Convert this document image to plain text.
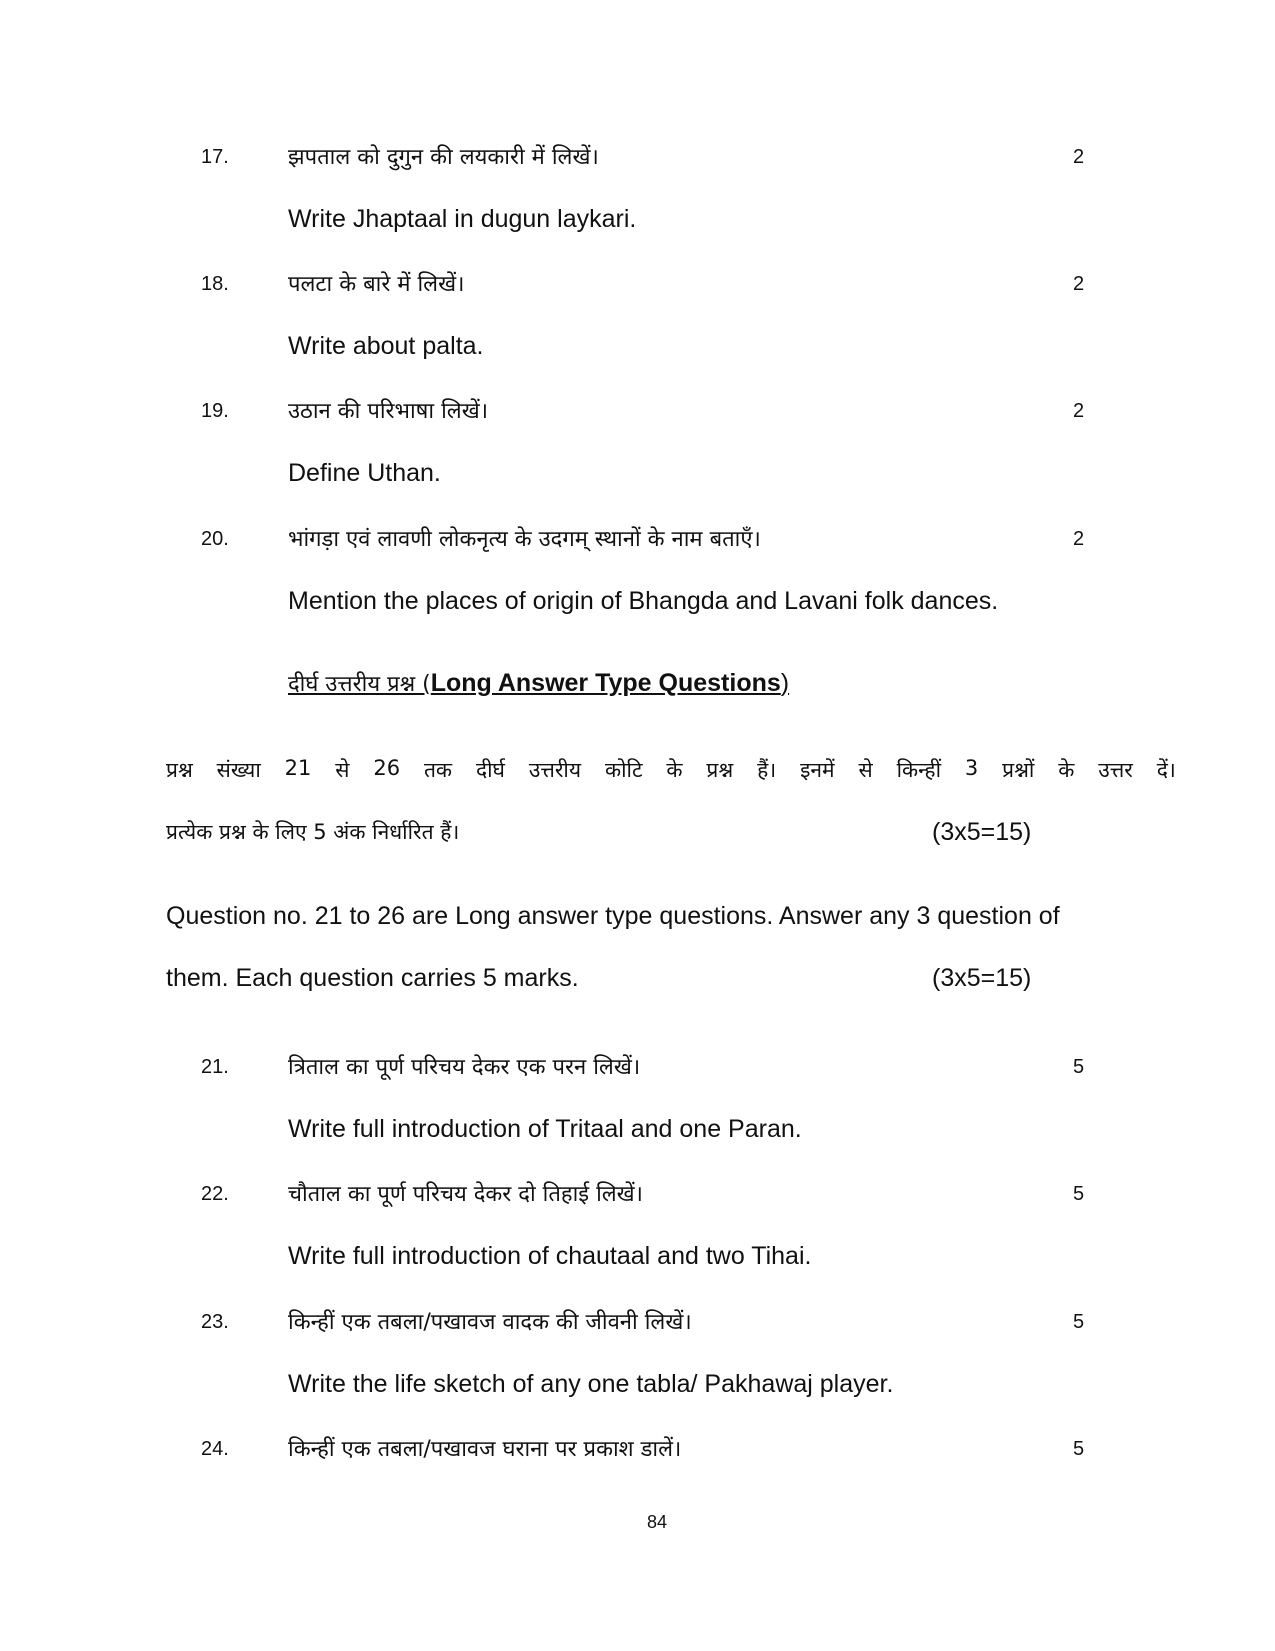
17.	झपताल को दुगुन की लयकारी में लिखें।	2
Write Jhaptaal in dugun laykari.
18.	पलटा के बारे में लिखें।	2
Write about palta.
19.	उठान की परिभाषा लिखें।	2
Define Uthan.
20.	भांगड़ा एवं लावणी लोकनृत्य के उदगम् स्थानों के नाम बताएँ।	2
Mention the places of origin of Bhangda and Lavani folk dances.
दीर्घ उत्तरीय प्रश्न (Long Answer Type Questions)
प्रश्न संख्या 21 से 26 तक दीर्घ उत्तरीय कोटि के प्रश्न हैं। इनमें से किन्हीं 3 प्रश्नों के उत्तर दें।
प्रत्येक प्रश्न के लिए 5 अंक निर्धारित हैं।	(3x5=15)
Question no. 21 to 26 are Long answer type questions. Answer any 3 question of
them. Each question carries 5 marks.	(3x5=15)
21.	त्रिताल का पूर्ण परिचय देकर एक परन लिखें।	5
Write full introduction of Tritaal and one Paran.
22.	चौताल का पूर्ण परिचय देकर दो तिहाई लिखें।	5
Write full introduction of chautaal and two Tihai.
23.	किन्हीं एक तबला/पखावज वादक की जीवनी लिखें।	5
Write the life sketch of any one tabla/ Pakhawaj player.
24.	किन्हीं एक तबला/पखावज घराना पर प्रकाश डालें।	5
84
